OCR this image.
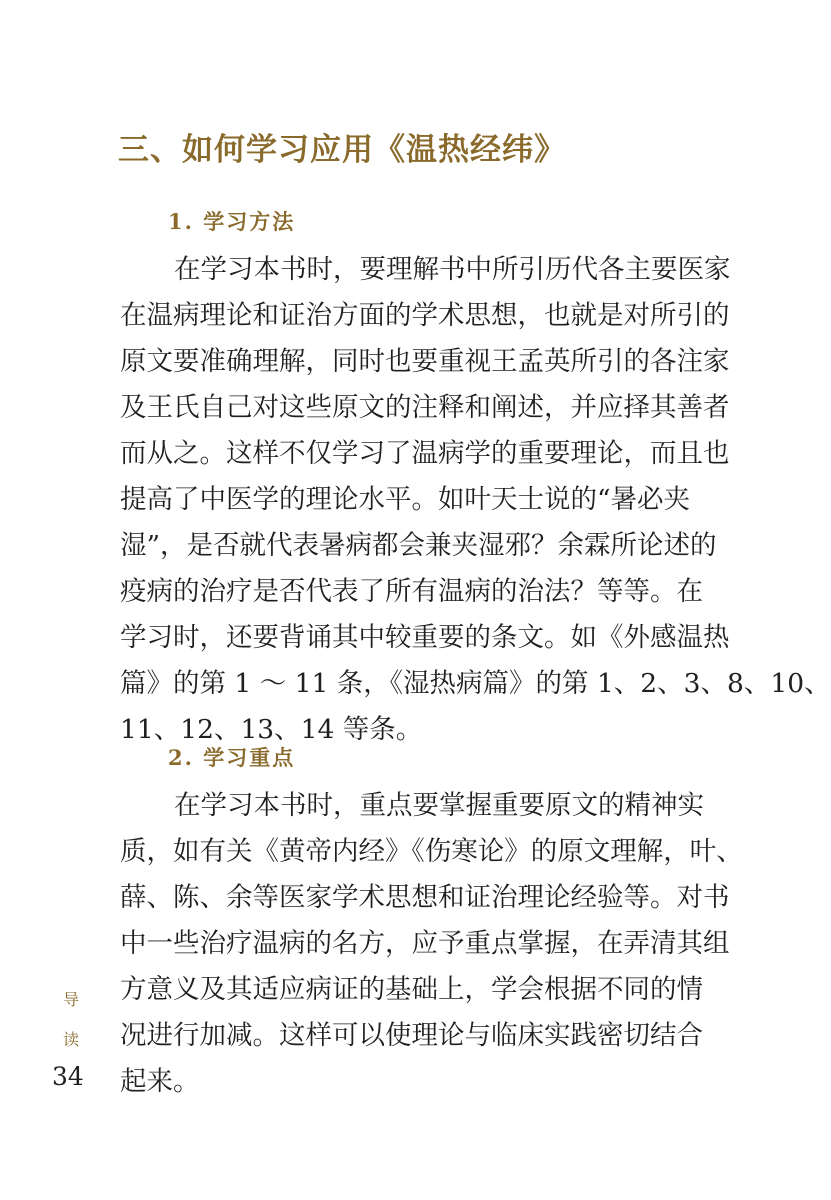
三、如何学习应用《温热经纬》
1. 学习方法
在学习本书时，要理解书中所引历代各主要医家
在温病理论和证治方面的学术思想，也就是对所引的
原文要准确理解，同时也要重视王孟英所引的各注家
及王氏自己对这些原文的注释和阐述，并应择其善者
而从之。这样不仅学习了温病学的重要理论，而且也
提高了中医学的理论水平。如叶天士说的“暑必夹
湿”，是否就代表暑病都会兼夹湿邪？余霖所论述的
疫病的治疗是否代表了所有温病的治法？等等。在
学习时，还要背诵其中较重要的条文。如《外感温热
篇》的第 1 ～ 11 条，《湿热病篇》的第 1、2、3、8、10、
11、12、13、14 等条。
2. 学习重点
在学习本书时，重点要掌握重要原文的精神实
质，如有关《黄帝内经》《伤寒论》的原文理解，叶、
薛、陈、余等医家学术思想和证治理论经验等。对书
中一些治疗温病的名方，应予重点掌握，在弄清其组
方意义及其适应病证的基础上，学会根据不同的情
况进行加减。这样可以使理论与临床实践密切结合
起来。
导
读
34
